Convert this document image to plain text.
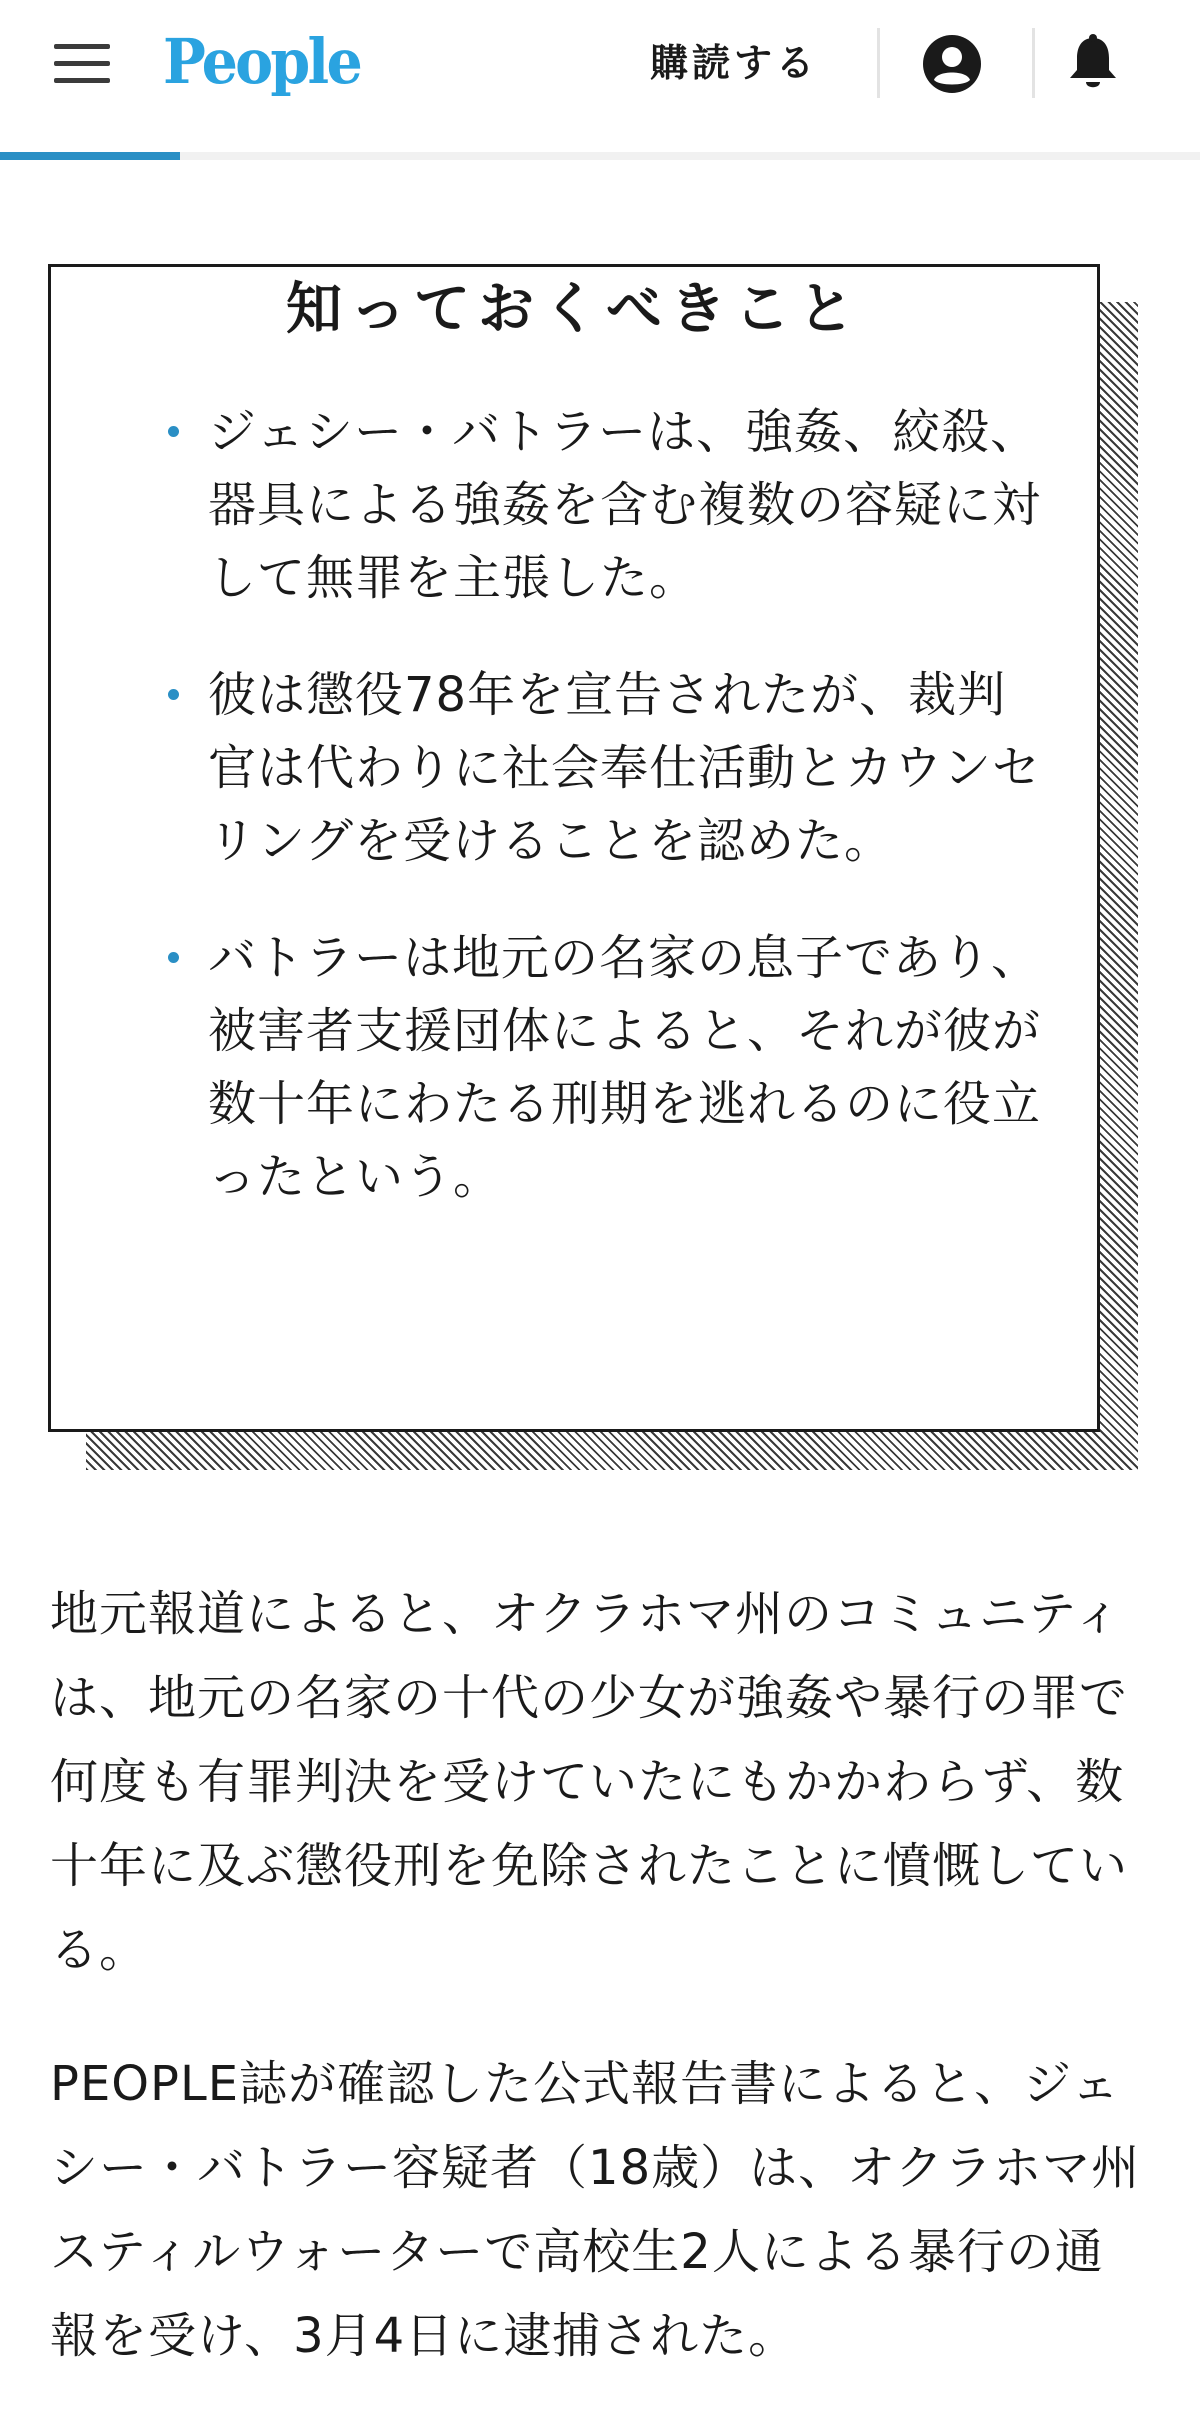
People	購読する
知っておくべきこと
ジェシー・バトラーは、強姦、絞殺、器具による強姦を含む複数の容疑に対して無罪を主張した。
彼は懲役78年を宣告されたが、裁判官は代わりに社会奉仕活動とカウンセリングを受けることを認めた。
バトラーは地元の名家の息子であり、被害者支援団体によると、それが彼が数十年にわたる刑期を逃れるのに役立ったという。

地元報道によると、オクラホマ州のコミュニティは、地元の名家の十代の少女が強姦や暴行の罪で何度も有罪判決を受けていたにもかかわらず、数十年に及ぶ懲役刑を免除されたことに憤慨している。

PEOPLE誌が確認した公式報告書によると、ジェシー・バトラー容疑者（18歳）は、オクラホマ州スティルウォーターで高校生2人による暴行の通報を受け、3月4日に逮捕された。
